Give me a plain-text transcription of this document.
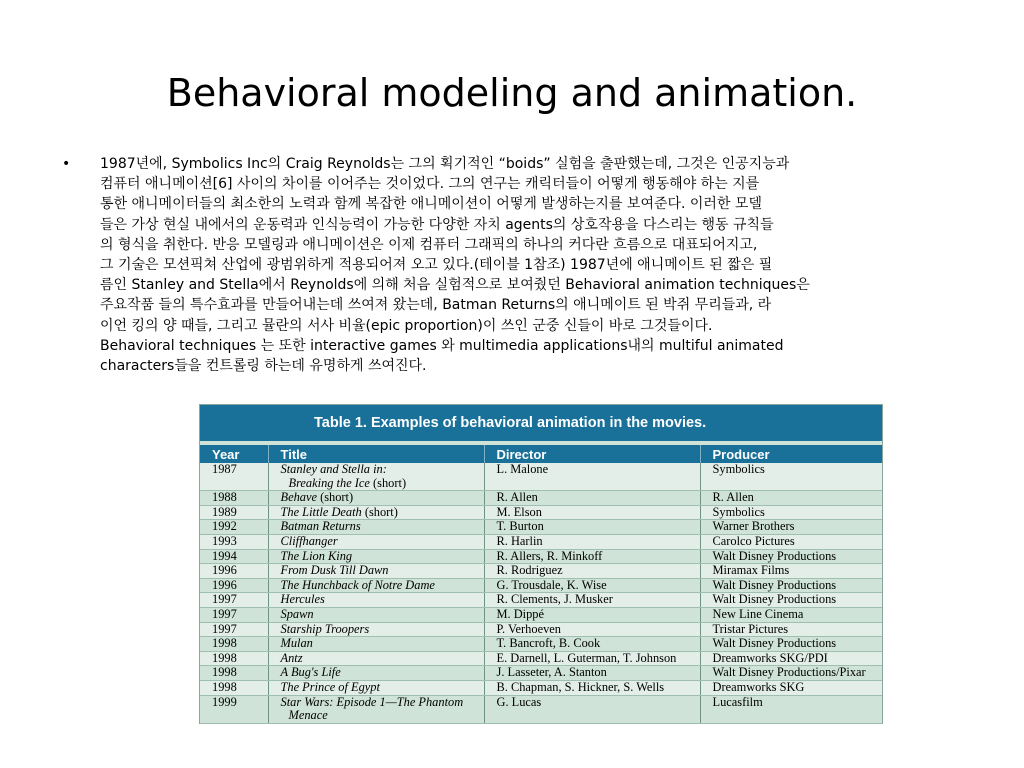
Behavioral modeling and animation.
• 1987년에, Symbolics Inc의 Craig Reynolds는 그의 획기적인 “boids” 실험을 출판했는데, 그것은 인공지능과
컴퓨터 애니메이션[6] 사이의 차이를 이어주는 것이었다. 그의 연구는 캐릭터들이 어떻게 행동해야 하는 지를
통한 애니메이터들의 최소한의 노력과 함께 복잡한 애니메이션이 어떻게 발생하는지를 보여준다. 이러한 모델
들은 가상 현실 내에서의 운동력과 인식능력이 가능한 다양한 자치 agents의 상호작용을 다스리는 행동 규칙들
의 형식을 취한다. 반응 모델링과 애니메이션은 이제 컴퓨터 그래픽의 하나의 커다란 흐름으로 대표되어지고,
그 기술은 모션픽쳐 산업에 광범위하게 적용되어져 오고 있다.(테이블 1참조) 1987년에 애니메이트 된 짧은 필
름인 Stanley and Stella에서 Reynolds에 의해 처음 실험적으로 보여줬던 Behavioral animation techniques은
주요작품 들의 특수효과를 만들어내는데 쓰여져 왔는데, Batman Returns의 애니메이트 된 박쥐 무리들과, 라
이언 킹의 양 때들, 그리고 뮬란의 서사 비율(epic proportion)이 쓰인 군중 신들이 바로 그것들이다.
Behavioral techniques 는 또한 interactive games 와 multimedia applications내의 multiful animated
characters들을 컨트롤링 하는데 유명하게 쓰여진다.
Table 1. Examples of behavioral animation in the movies.
Year	Title	Director	Producer
1987	Stanley and Stella in:
Breaking the Ice (short)	L. Malone	Symbolics
1988	Behave (short)	R. Allen	R. Allen
1989	The Little Death (short)	M. Elson	Symbolics
1992	Batman Returns	T. Burton	Warner Brothers
1993	Cliffhanger	R. Harlin	Carolco Pictures
1994	The Lion King	R. Allers, R. Minkoff	Walt Disney Productions
1996	From Dusk Till Dawn	R. Rodriguez	Miramax Films
1996	The Hunchback of Notre Dame	G. Trousdale, K. Wise	Walt Disney Productions
1997	Hercules	R. Clements, J. Musker	Walt Disney Productions
1997	Spawn	M. Dippé	New Line Cinema
1997	Starship Troopers	P. Verhoeven	Tristar Pictures
1998	Mulan	T. Bancroft, B. Cook	Walt Disney Productions
1998	Antz	E. Darnell, L. Guterman, T. Johnson	Dreamworks SKG/PDI
1998	A Bug's Life	J. Lasseter, A. Stanton	Walt Disney Productions/Pixar
1998	The Prince of Egypt	B. Chapman, S. Hickner, S. Wells	Dreamworks SKG
1999	Star Wars: Episode 1—The Phantom
Menace	G. Lucas	Lucasfilm
